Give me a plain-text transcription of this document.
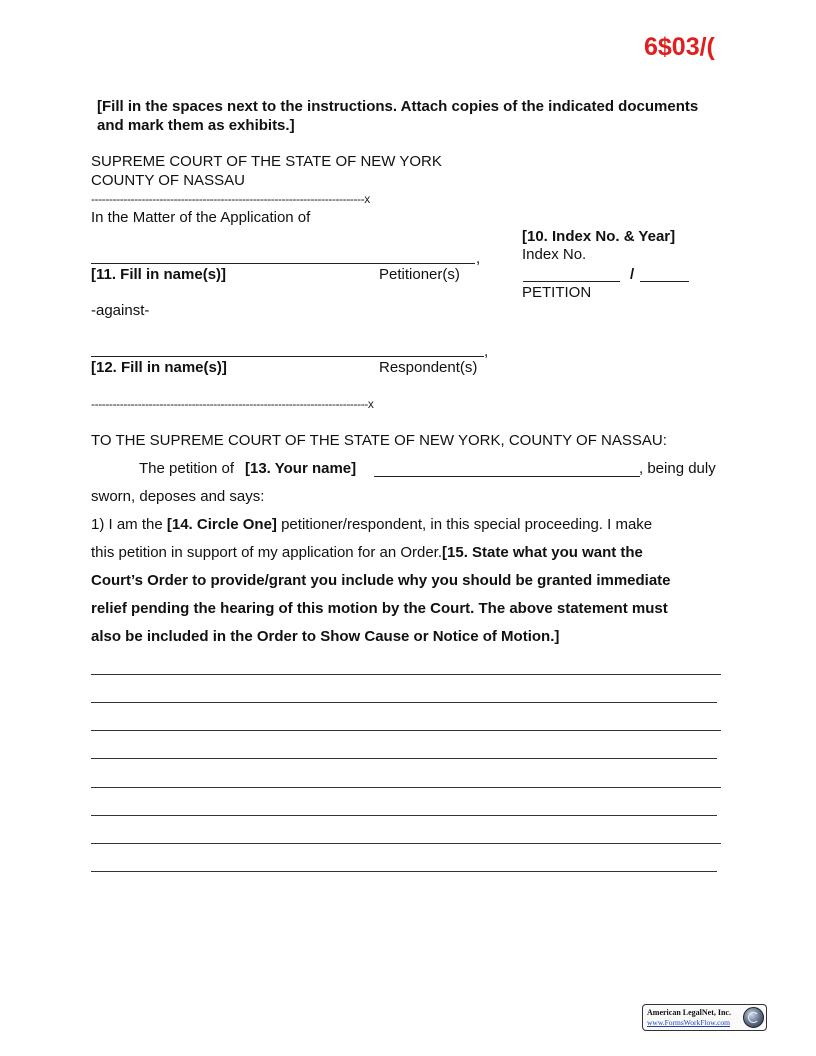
6$03/(
[Fill in the spaces next to the instructions. Attach copies of the indicated documents
and mark them as exhibits.]
SUPREME COURT OF THE STATE OF NEW YORK
COUNTY OF NASSAU
----------------------------------------------------------------------------x
In the Matter of the Application of
,
[11. Fill in name(s)]	Petitioner(s)
-against-
,
[12. Fill in name(s)]	Respondent(s)
-----------------------------------------------------------------------------x
[10. Index No. & Year]
Index No.
/
PETITION
TO THE SUPREME COURT OF THE STATE OF NEW YORK, COUNTY OF NASSAU:
The petition of [13. Your name]	, being duly
sworn, deposes and says:
1) I am the [14. Circle One] petitioner/respondent, in this special proceeding. I make
this petition in support of my application for an Order.[15. State what you want the
Court’s Order to provide/grant you include why you should be granted immediate
relief pending the hearing of this motion by the Court. The above statement must
also be included in the Order to Show Cause or Notice of Motion.]
American LegalNet, Inc.
www.FormsWorkFlow.com
